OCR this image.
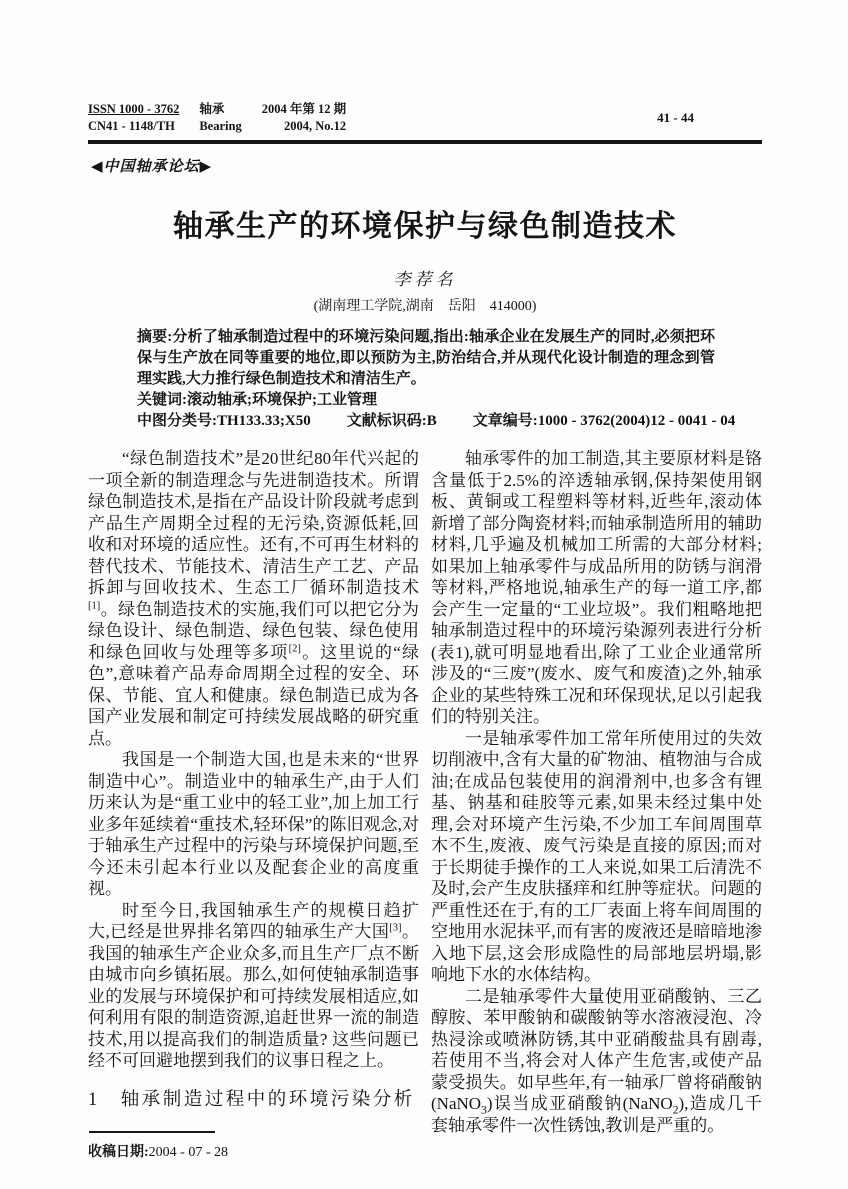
ISSN 1000 - 3762
CN41 - 1148/TH
轴承
Bearing
2004 年第 12 期
2004, No.12
41 - 44
◀中国轴承论坛▶
轴承生产的环境保护与绿色制造技术
李荐名
(湖南理工学院,湖南　岳阳　414000)

摘要:分析了轴承制造过程中的环境污染问题,指出:轴承企业在发展生产的同时,必须把环保与生产放在同等重要的地位,即以预防为主,防治结合,并从现代化设计制造的理念到管理实践,大力推行绿色制造技术和清洁生产。

关键词:滚动轴承;环境保护;工业管理

中图分类号:TH133.33;X50 文献标识码:B 文章编号:1000 - 3762(2004)12 - 0041 - 04

“绿色制造技术”是20世纪80年代兴起的一项全新的制造理念与先进制造技术。所谓绿色制造技术,是指在产品设计阶段就考虑到产品生产周期全过程的无污染,资源低耗,回收和对环境的适应性。还有,不可再生材料的替代技术、节能技术、清洁生产工艺、产品拆卸与回收技术、生态工厂循环制造技术[1]。绿色制造技术的实施,我们可以把它分为绿色设计、绿色制造、绿色包装、绿色使用和绿色回收与处理等多项[2]。这里说的“绿色”,意味着产品寿命周期全过程的安全、环保、节能、宜人和健康。绿色制造已成为各国产业发展和制定可持续发展战略的研究重点。

我国是一个制造大国,也是未来的“世界制造中心”。制造业中的轴承生产,由于人们历来认为是“重工业中的轻工业”,加上加工行业多年延续着“重技术,轻环保”的陈旧观念,对于轴承生产过程中的污染与环境保护问题,至今还未引起本行业以及配套企业的高度重视。

时至今日,我国轴承生产的规模日趋扩大,已经是世界排名第四的轴承生产大国[3]。我国的轴承生产企业众多,而且生产厂点不断由城市向乡镇拓展。那么,如何使轴承制造事业的发展与环境保护和可持续发展相适应,如何利用有限的制造资源,追赶世界一流的制造技术,用以提高我们的制造质量? 这些问题已经不可回避地摆到我们的议事日程之上。

1　轴承制造过程中的环境污染分析

收稿日期:2004 - 07 - 28

轴承零件的加工制造,其主要原材料是铬含量低于2.5%的淬透轴承钢,保持架使用钢板、黄铜或工程塑料等材料,近些年,滚动体新增了部分陶瓷材料;而轴承制造所用的辅助材料,几乎遍及机械加工所需的大部分材料;如果加上轴承零件与成品所用的防锈与润滑等材料,严格地说,轴承生产的每一道工序,都会产生一定量的“工业垃圾”。我们粗略地把轴承制造过程中的环境污染源列表进行分析(表1),就可明显地看出,除了工业企业通常所涉及的“三废”(废水、废气和废渣)之外,轴承企业的某些特殊工况和环保现状,足以引起我们的特别关注。

一是轴承零件加工常年所使用过的失效切削液中,含有大量的矿物油、植物油与合成油;在成品包装使用的润滑剂中,也多含有锂基、钠基和硅胶等元素,如果未经过集中处理,会对环境产生污染,不少加工车间周围草木不生,废液、废气污染是直接的原因;而对于长期徒手操作的工人来说,如果工后清洗不及时,会产生皮肤搔痒和红肿等症状。问题的严重性还在于,有的工厂表面上将车间周围的空地用水泥抹平,而有害的废液还是暗暗地渗入地下层,这会形成隐性的局部地层坍塌,影响地下水的水体结构。

二是轴承零件大量使用亚硝酸钠、三乙醇胺、苯甲酸钠和碳酸钠等水溶液浸泡、冷热浸涂或喷淋防锈,其中亚硝酸盐具有剧毒,若使用不当,将会对人体产生危害,或使产品蒙受损失。如早些年,有一轴承厂曾将硝酸钠(NaNO$_3$)误当成亚硝酸钠(NaNO$_2$),造成几千套轴承零件一次性锈蚀,教训是严重的。
